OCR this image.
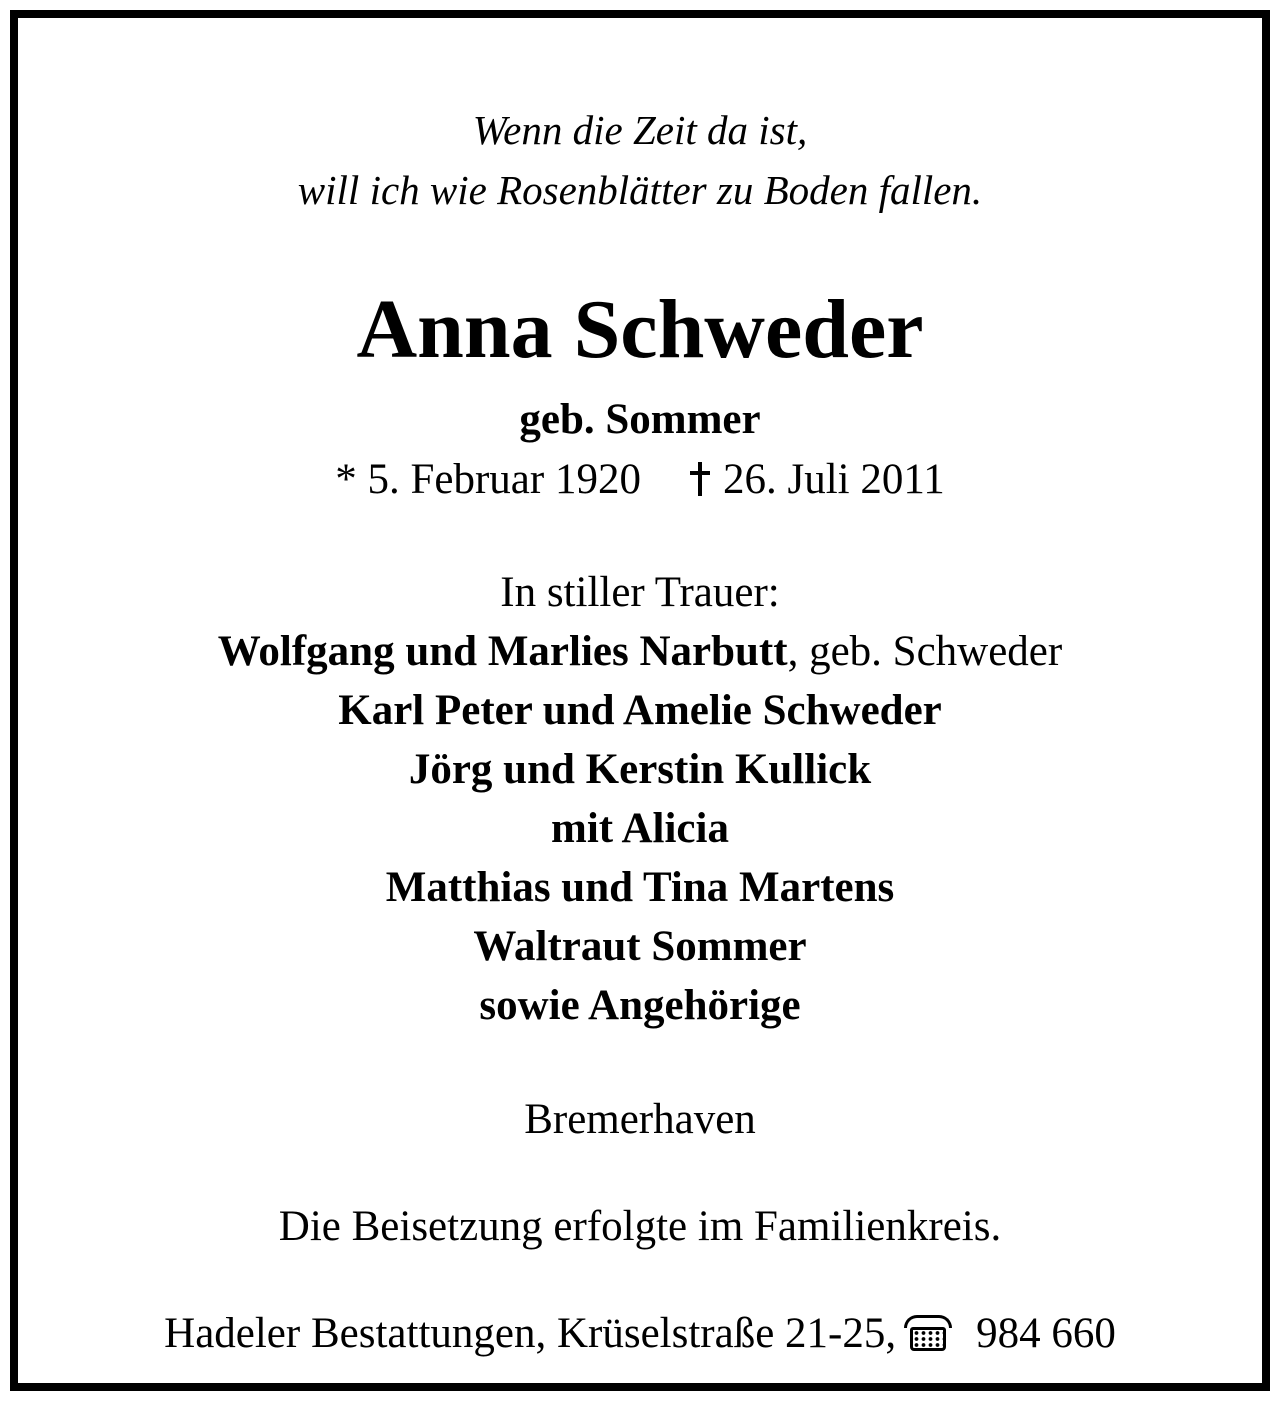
Wenn die Zeit da ist,
will ich wie Rosenblätter zu Boden fallen.
Anna Schweder
geb. Sommer
* 5. Februar 1920 26. Juli 2011
In stiller Trauer:
Wolfgang und Marlies Narbutt, geb. Schweder
Karl Peter und Amelie Schweder
Jörg und Kerstin Kullick
mit Alicia
Matthias und Tina Martens
Waltraut Sommer
sowie Angehörige
Bremerhaven
Die Beisetzung erfolgte im Familienkreis.
Hadeler Bestattungen, Krüselstraße 21-25, 984 660
